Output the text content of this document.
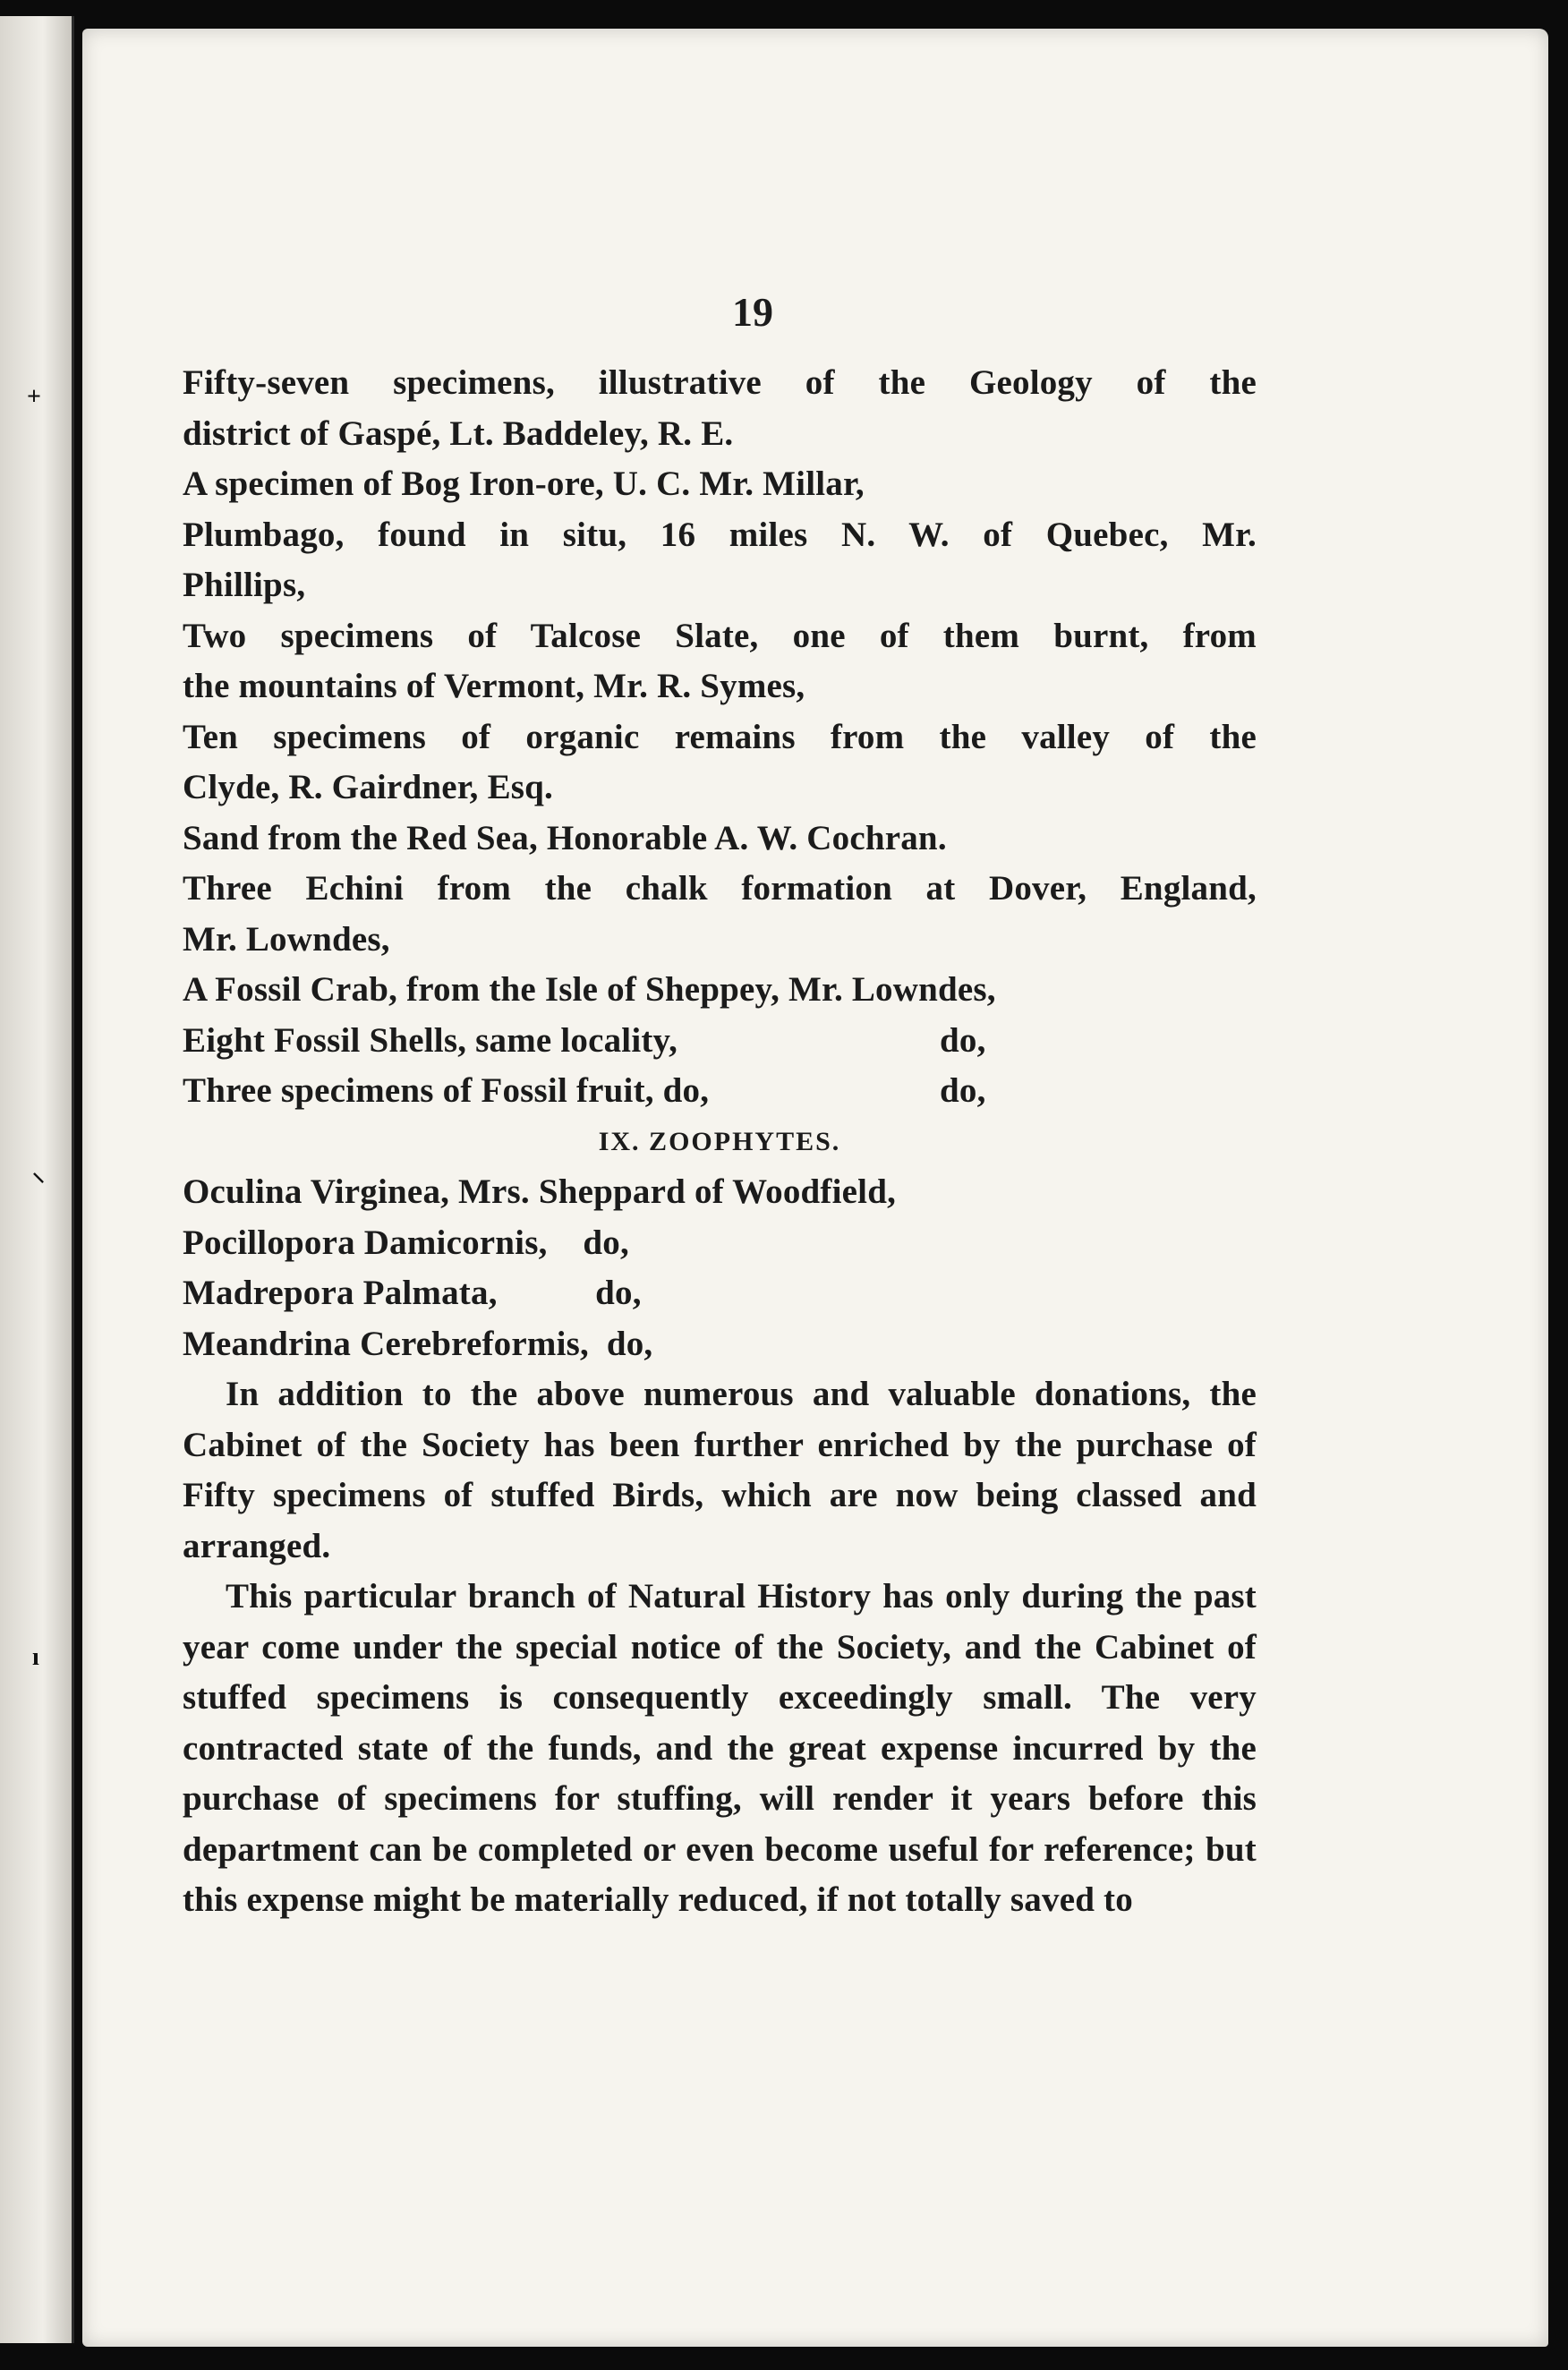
+
⸜
ı
19
Fifty-seven specimens, illustrative of the Geology of the
district of Gaspé, Lt. Baddeley, R. E.
A specimen of Bog Iron-ore, U. C. Mr. Millar,
Plumbago, found in situ, 16 miles N. W. of Quebec, Mr.
Phillips,
Two specimens of Talcose Slate, one of them burnt, from
the mountains of Vermont, Mr. R. Symes,
Ten specimens of organic remains from the valley of the
Clyde, R. Gairdner, Esq.
Sand from the Red Sea, Honorable A. W. Cochran.
Three Echini from the chalk formation at Dover, England,
Mr. Lowndes,
A Fossil Crab, from the Isle of Sheppey, Mr. Lowndes,
Eight Fossil Shells, same locality,	do,
Three specimens of Fossil fruit, do,	do,
IX. ZOOPHYTES.
Oculina Virginea, Mrs. Sheppard of Woodfield,
Pocillopora Damicornis,    do,
Madrepora Palmata,           do,
Meandrina Cerebreformis,  do,

In addition to the above numerous and valuable donations, the Cabinet of the Society has been further enriched by the purchase of Fifty specimens of stuffed Birds, which are now being classed and arranged.

This particular branch of Natural History has only during the past year come under the special notice of the Society, and the Cabinet of stuffed specimens is consequently exceedingly small. The very contracted state of the funds, and the great expense incurred by the purchase of specimens for stuffing, will render it years before this department can be completed or even become useful for reference; but this expense might be materially reduced, if not totally saved to
